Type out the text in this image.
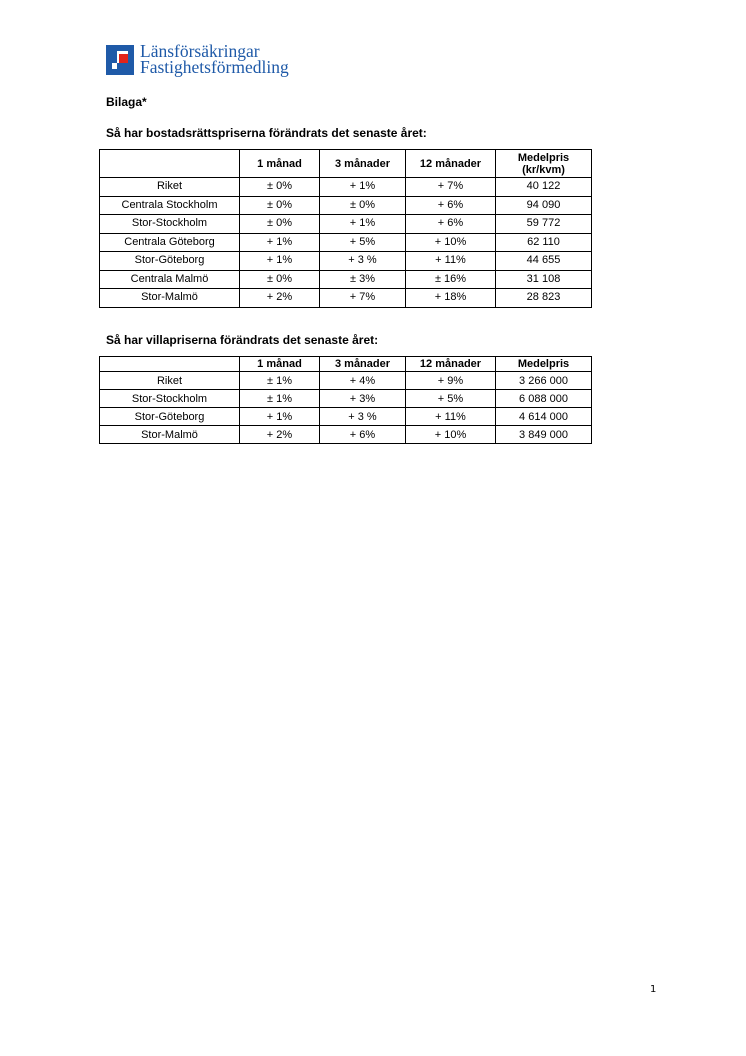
Länsförsäkringar
Fastighetsförmedling
Bilaga*
Så har bostadsrättspriserna förändrats det senaste året:
	1 månad	3 månader	12 månader	Medelpris
(kr/kvm)
Riket	± 0%	+ 1%	+ 7%	40 122
Centrala Stockholm	± 0%	± 0%	+ 6%	94 090
Stor-Stockholm	± 0%	+ 1%	+ 6%	59 772
Centrala Göteborg	+ 1%	+ 5%	+ 10%	62 110
Stor-Göteborg	+ 1%	+ 3 %	+ 11%	44 655
Centrala Malmö	± 0%	± 3%	± 16%	31 108
Stor-Malmö	+ 2%	+ 7%	+ 18%	28 823
Så har villapriserna förändrats det senaste året:
	1 månad	3 månader	12 månader	Medelpris
Riket	± 1%	+ 4%	+ 9%	3 266 000
Stor-Stockholm	± 1%	+ 3%	+ 5%	6 088 000
Stor-Göteborg	+ 1%	+ 3 %	+ 11%	4 614 000
Stor-Malmö	+ 2%	+ 6%	+ 10%	3 849 000
1
